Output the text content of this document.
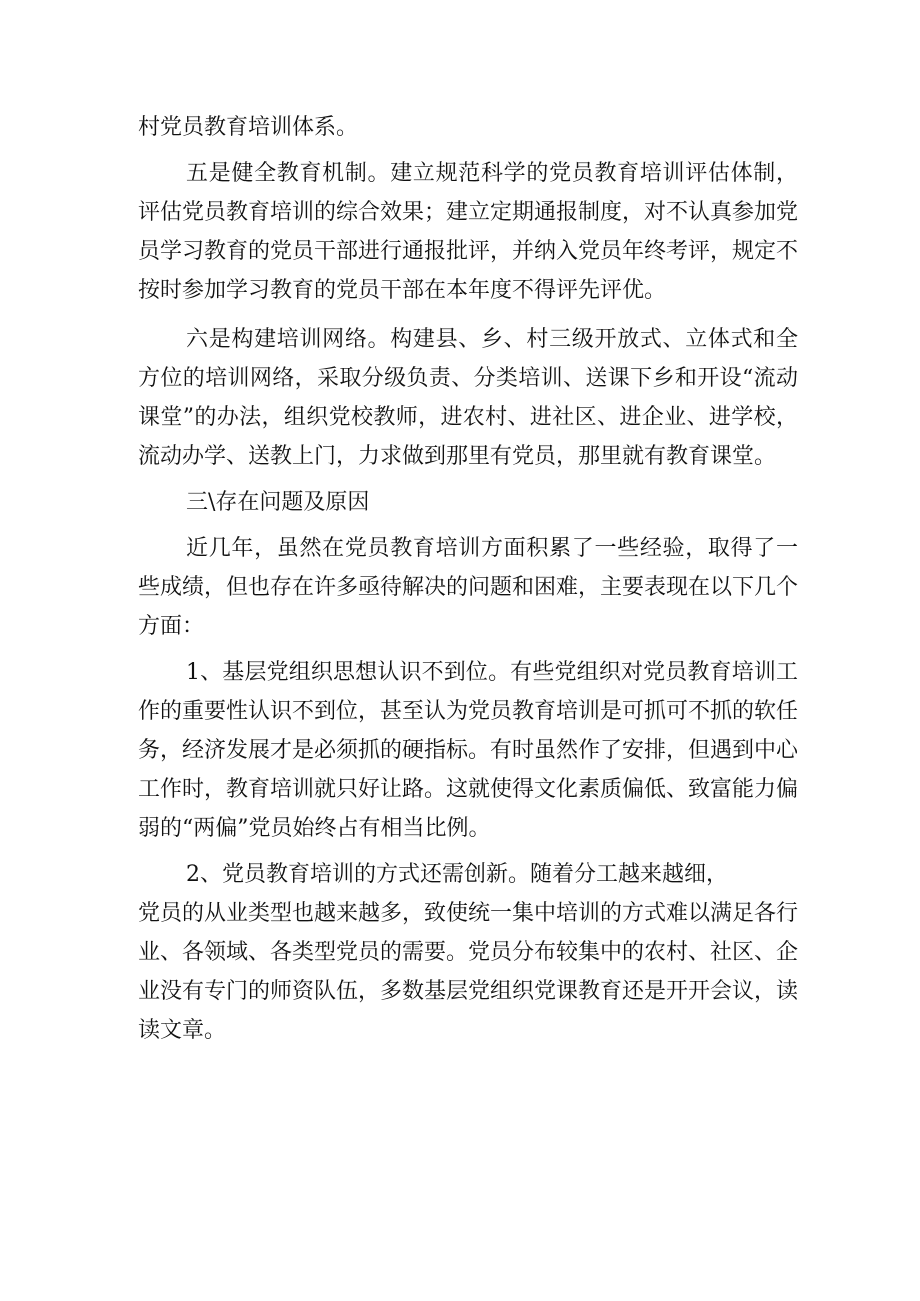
村党员教育培训体系。

五是健全教育机制。建立规范科学的党员教育培训评估体制，评估党员教育培训的综合效果；建立定期通报制度，对不认真参加党员学习教育的党员干部进行通报批评，并纳入党员年终考评，规定不按时参加学习教育的党员干部在本年度不得评先评优。

六是构建培训网络。构建县、乡、村三级开放式、立体式和全方位的培训网络，采取分级负责、分类培训、送课下乡和开设“流动课堂”的办法，组织党校教师，进农村、进社区、进企业、进学校，流动办学、送教上门，力求做到那里有党员，那里就有教育课堂。

三\存在问题及原因

近几年，虽然在党员教育培训方面积累了一些经验，取得了一些成绩，但也存在许多亟待解决的问题和困难，主要表现在以下几个方面：

1、基层党组织思想认识不到位。有些党组织对党员教育培训工作的重要性认识不到位，甚至认为党员教育培训是可抓可不抓的软任务，经济发展才是必须抓的硬指标。有时虽然作了安排，但遇到中心工作时，教育培训就只好让路。这就使得文化素质偏低、致富能力偏弱的“两偏”党员始终占有相当比例。

2、党员教育培训的方式还需创新。随着分工越来越细，

党员的从业类型也越来越多，致使统一集中培训的方式难以满足各行业、各领域、各类型党员的需要。党员分布较集中的农村、社区、企业没有专门的师资队伍，多数基层党组织党课教育还是开开会议，读读文章。
